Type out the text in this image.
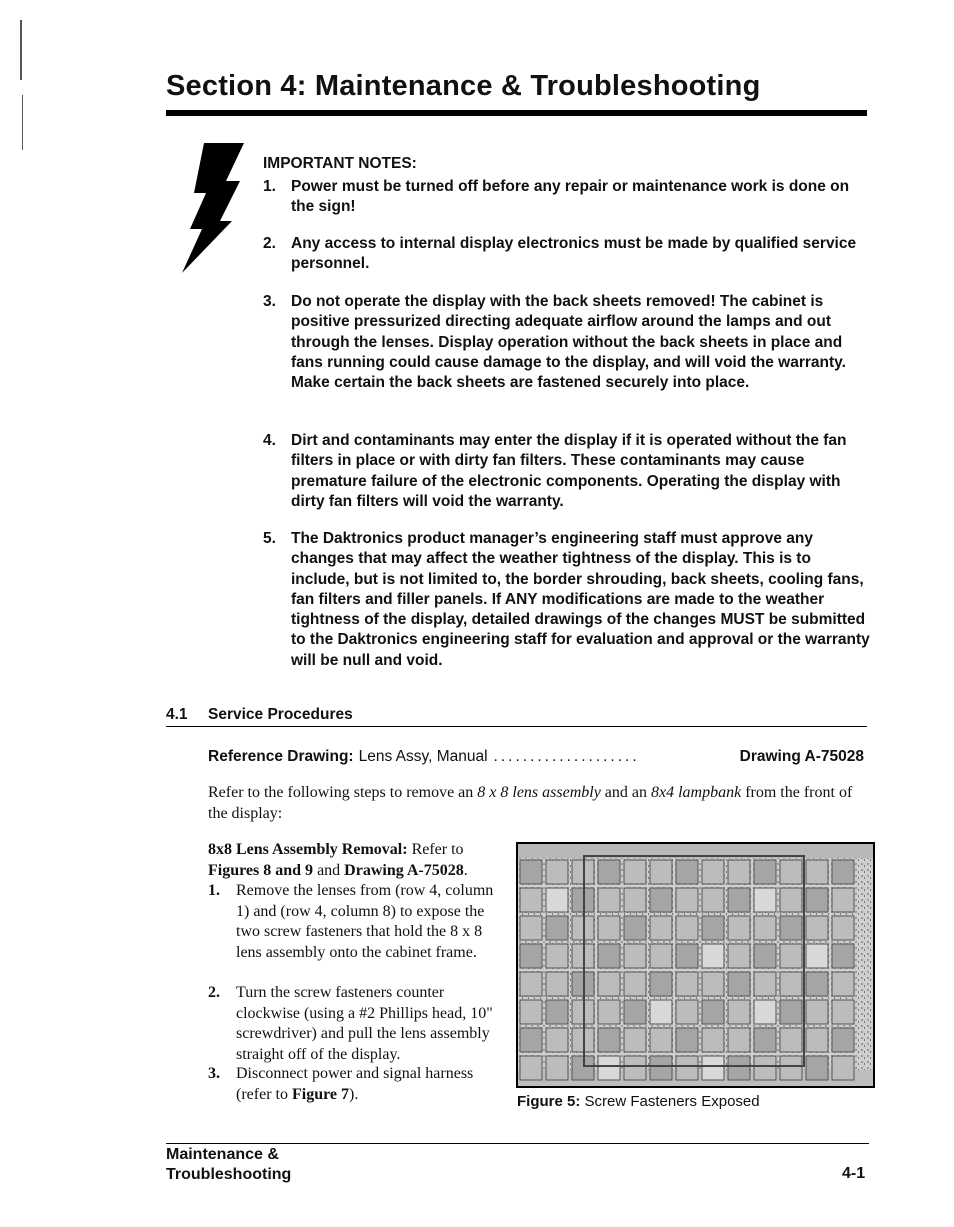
Section 4: Maintenance & Troubleshooting
IMPORTANT NOTES:
1. Power must be turned off before any repair or maintenance work is done on the sign!
2. Any access to internal display electronics must be made by qualified service personnel.
3. Do not operate the display with the back sheets removed! The cabinet is positive pressurized directing adequate airflow around the lamps and out through the lenses. Display operation without the back sheets in place and fans running could cause damage to the display, and will void the warranty. Make certain the back sheets are fastened securely into place.
4. Dirt and contaminants may enter the display if it is operated without the fan filters in place or with dirty fan filters. These contaminants may cause premature failure of the electronic components. Operating the display with dirty fan filters will void the warranty.
5. The Daktronics product manager’s engineering staff must approve any changes that may affect the weather tightness of the display. This is to include, but is not limited to, the border shrouding, back sheets, cooling fans, fan filters and filler panels. If ANY modifications are made to the weather tightness of the display, detailed drawings of the changes MUST be submitted to the Daktronics engineering staff for evaluation and approval or the warranty will be null and void.
4.1 Service Procedures
Reference Drawing: Lens Assy, Manual ....................	Drawing A-75028
Refer to the following steps to remove an 8 x 8 lens assembly and an 8x4 lampbank from the front of the display:
8x8 Lens Assembly Removal: Refer to Figures 8 and 9 and Drawing A-75028.
1. Remove the lenses from (row 4, column 1) and (row 4, column 8) to expose the two screw fasteners that hold the 8 x 8 lens assembly onto the cabinet frame.
2. Turn the screw fasteners counter clockwise (using a #2 Phillips head, 10" screwdriver) and pull the lens assembly straight off of the display.
3. Disconnect power and signal harness (refer to Figure 7).	Figure 5: Screw Fasteners Exposed
Maintenance &
Troubleshooting	4-1
